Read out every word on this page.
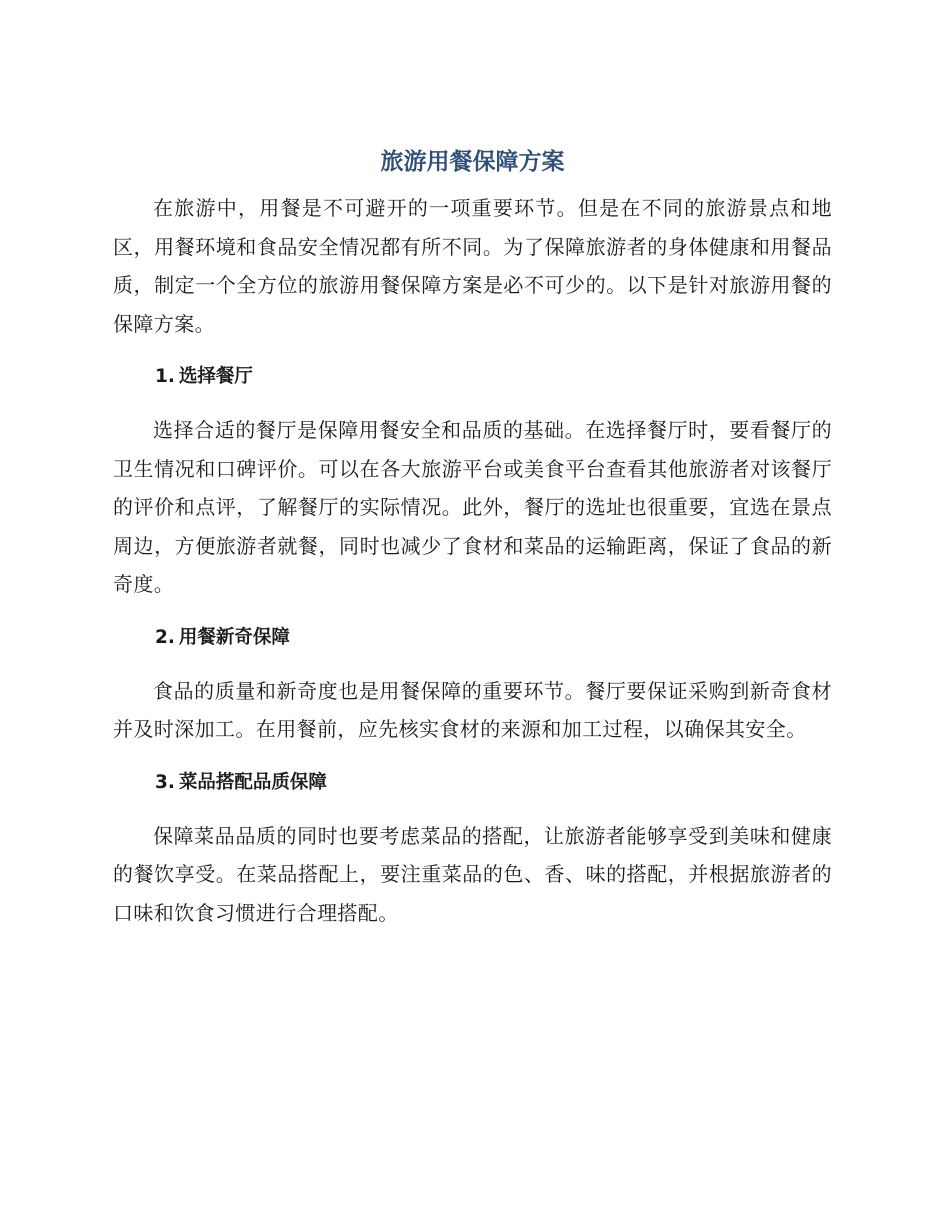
旅游用餐保障方案

在旅游中，用餐是不可避开的一项重要环节。但是在不同的旅游景点和地区，用餐环境和食品安全情况都有所不同。为了保障旅游者的身体健康和用餐品质，制定一个全方位的旅游用餐保障方案是必不可少的。以下是针对旅游用餐的保障方案。

1. 选择餐厅

选择合适的餐厅是保障用餐安全和品质的基础。在选择餐厅时，要看餐厅的卫生情况和口碑评价。可以在各大旅游平台或美食平台查看其他旅游者对该餐厅的评价和点评，了解餐厅的实际情况。此外，餐厅的选址也很重要，宜选在景点周边，方便旅游者就餐，同时也减少了食材和菜品的运输距离，保证了食品的新奇度。

2. 用餐新奇保障

食品的质量和新奇度也是用餐保障的重要环节。餐厅要保证采购到新奇食材并及时深加工。在用餐前，应先核实食材的来源和加工过程，以确保其安全。

3. 菜品搭配品质保障

保障菜品品质的同时也要考虑菜品的搭配，让旅游者能够享受到美味和健康的餐饮享受。在菜品搭配上，要注重菜品的色、香、味的搭配，并根据旅游者的口味和饮食习惯进行合理搭配。
